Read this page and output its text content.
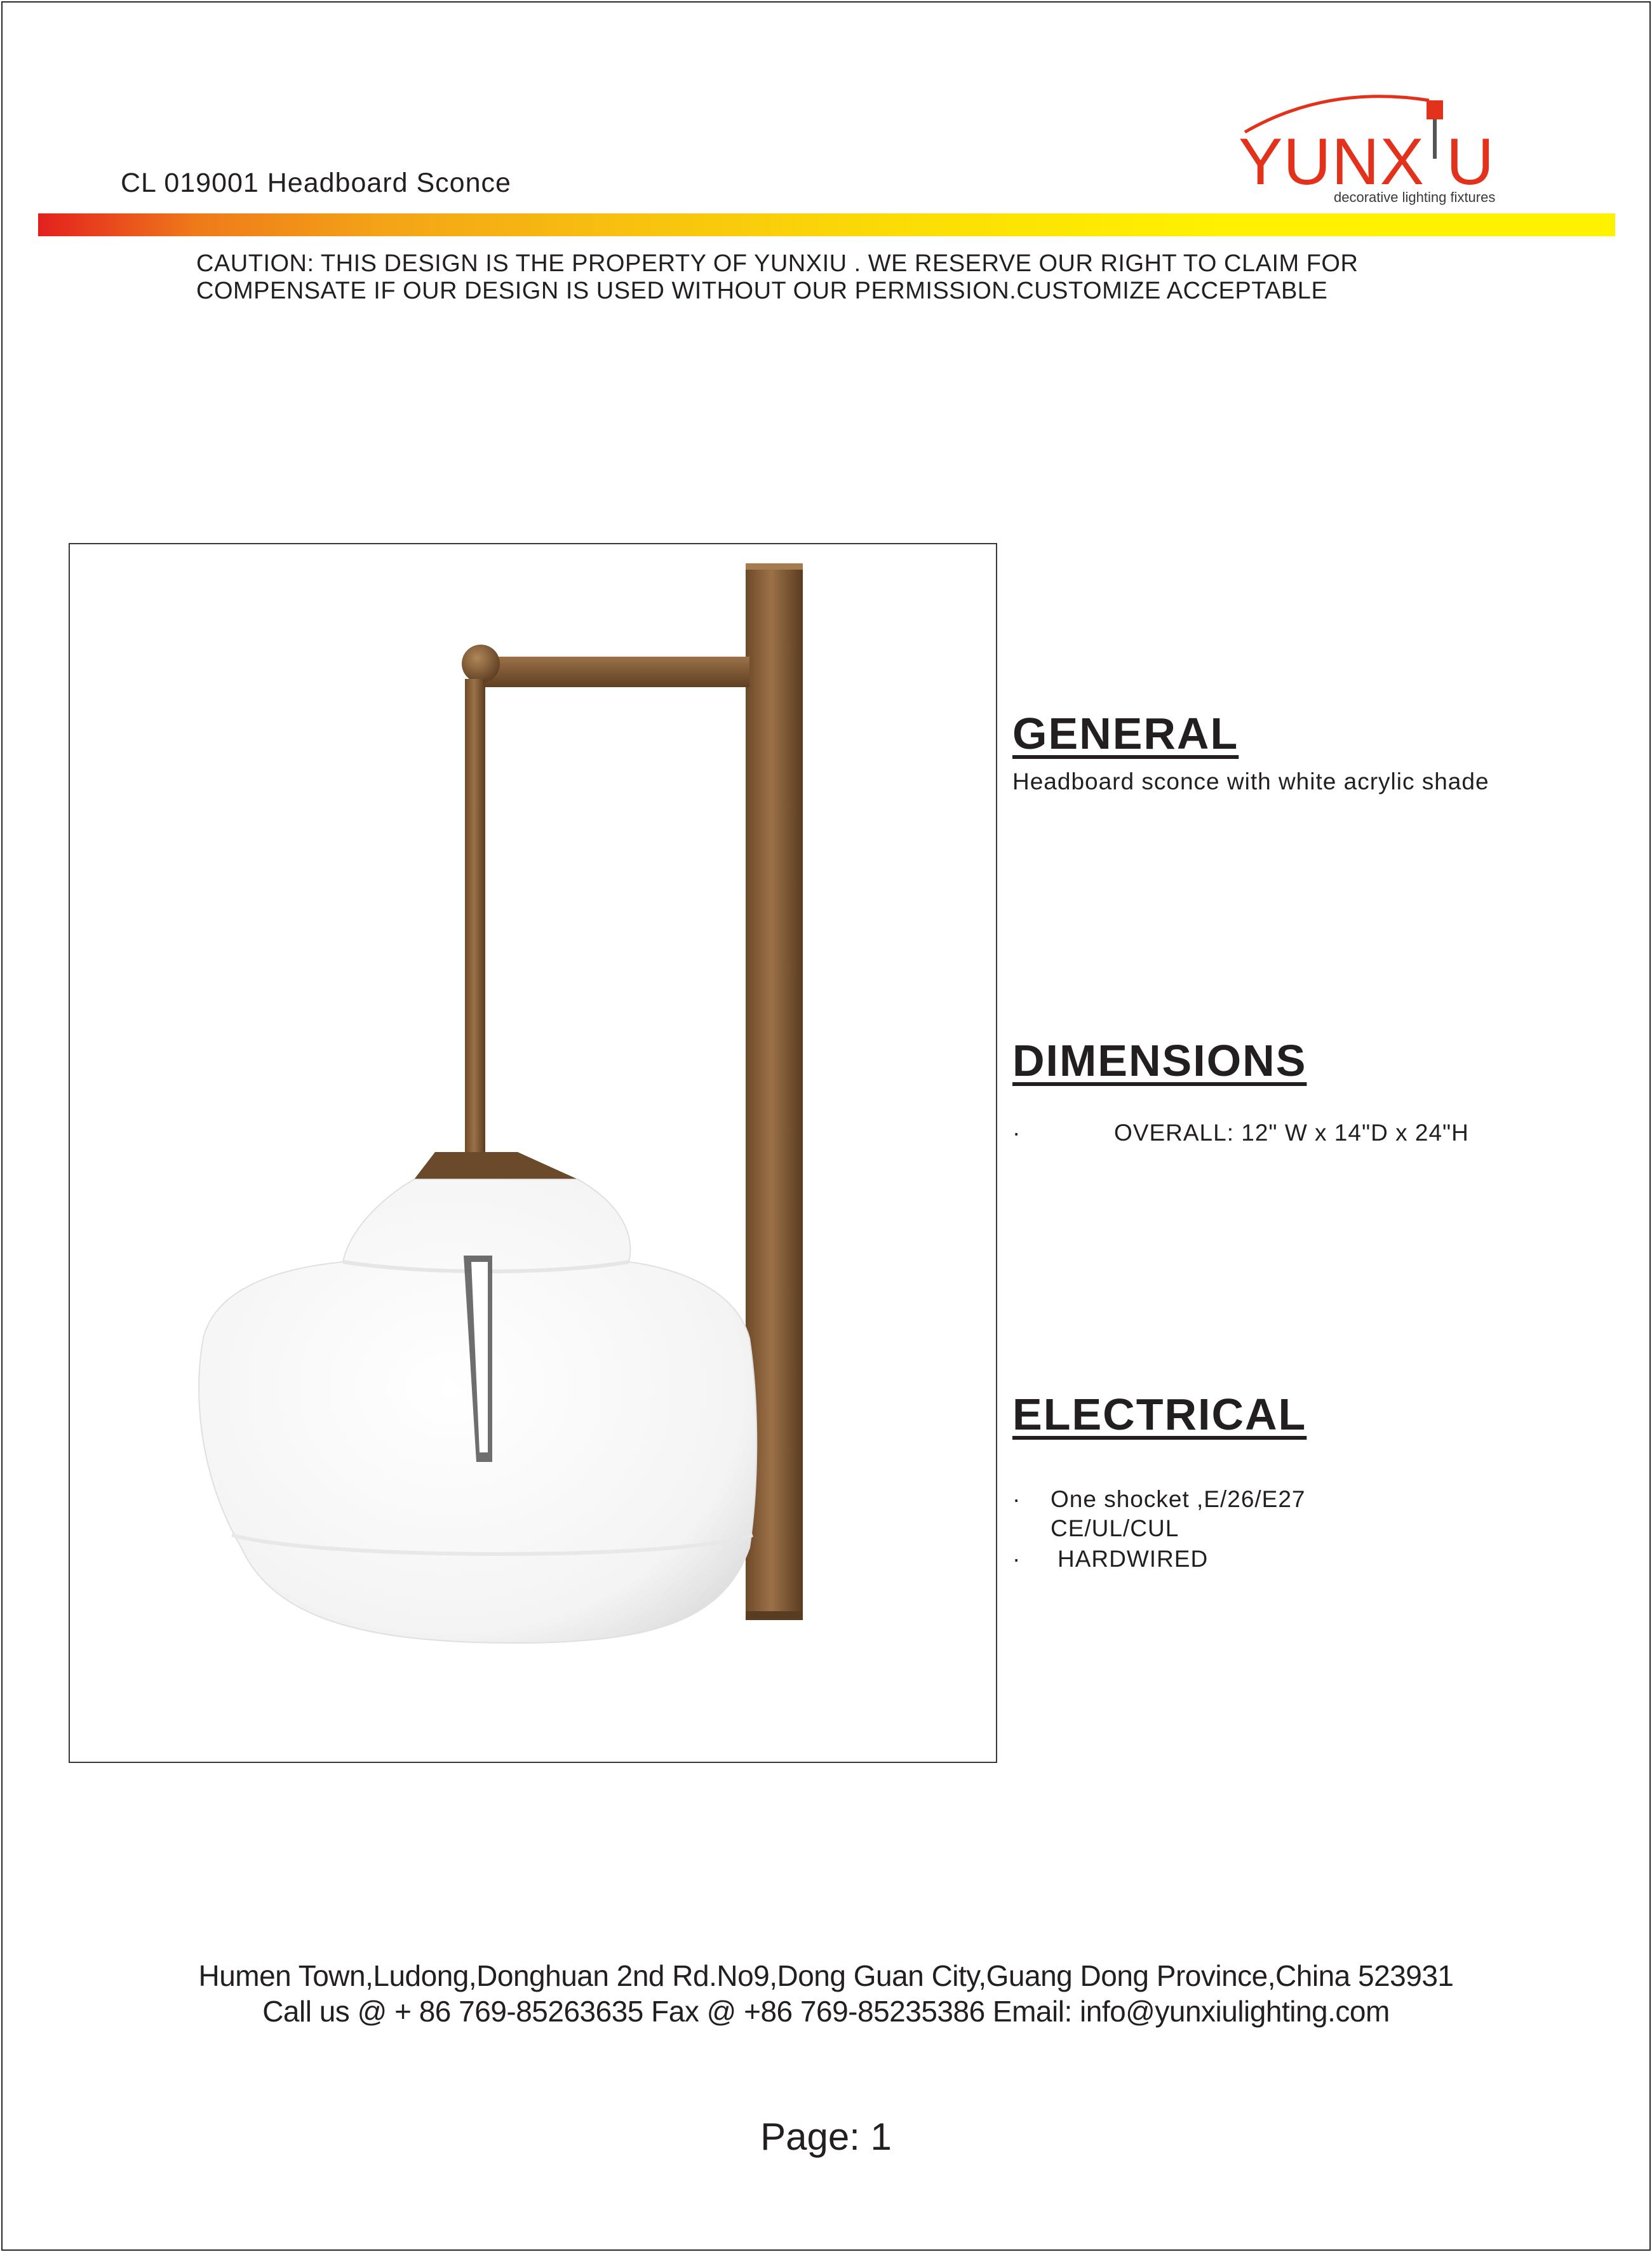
CL 019001 Headboard Sconce	YUNX U
decorative lighting fixtures
CAUTION: THIS DESIGN IS THE PROPERTY OF YUNXIU . WE RESERVE OUR RIGHT TO CLAIM FOR
COMPENSATE IF OUR DESIGN IS USED WITHOUT OUR PERMISSION.CUSTOMIZE ACCEPTABLE
GENERAL
Headboard sconce with white acrylic shade
DIMENSIONS
·	OVERALL: 12" W x 14"D x 24"H
ELECTRICAL
· One shocket ,E/26/E27
CE/UL/CUL
· HARDWIRED
Humen Town,Ludong,Donghuan 2nd Rd.No9,Dong Guan City,Guang Dong Province,China 523931
Call us @ + 86 769-85263635 Fax @ +86 769-85235386 Email: info@yunxiulighting.com
Page: 1
